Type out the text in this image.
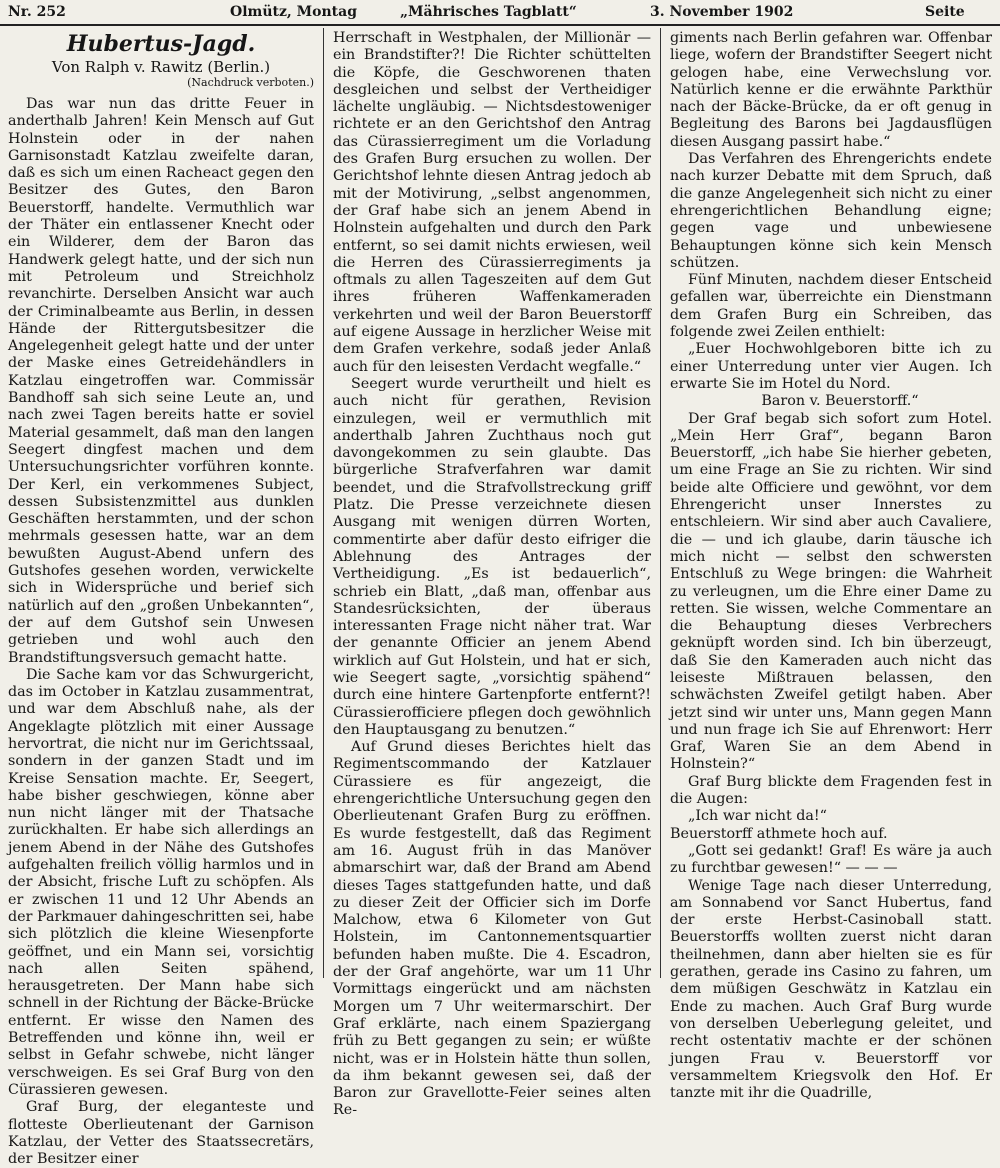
Nr. 252	Olmütz, Montag	„Mährisches Tagblatt“	3. November 1902	Seite
Hubertus-Jagd.
Von Ralph v. Rawitz (Berlin.)
(Nachdruck verboten.)

Das war nun das dritte Feuer in anderthalb Jahren! Kein Mensch auf Gut Holnstein oder in der nahen Garnisonstadt Katzlau zweifelte daran, daß es sich um einen Racheact gegen den Besitzer des Gutes, den Baron Beuerstorff, handelte. Vermuthlich war der Thäter ein entlassener Knecht oder ein Wilderer, dem der Baron das Handwerk gelegt hatte, und der sich nun mit Petroleum und Streichholz revanchirte. Derselben Ansicht war auch der Criminalbeamte aus Berlin, in dessen Hände der Rittergutsbesitzer die Angelegenheit gelegt hatte und der unter der Maske eines Getreidehändlers in Katzlau eingetroffen war. Commissär Bandhoff sah sich seine Leute an, und nach zwei Tagen bereits hatte er soviel Material gesammelt, daß man den langen Seegert dingfest machen und dem Untersuchungsrichter vorführen konnte. Der Kerl, ein verkommenes Subject, dessen Subsistenzmittel aus dunklen Geschäften herstammten, und der schon mehrmals gesessen hatte, war an dem bewußten August-Abend unfern des Gutshofes gesehen worden, verwickelte sich in Widersprüche und berief sich natürlich auf den „großen Unbekannten“, der auf dem Gutshof sein Unwesen getrieben und wohl auch den Brandstiftungsversuch gemacht hatte.

Die Sache kam vor das Schwurgericht, das im October in Katzlau zusammentrat, und war dem Abschluß nahe, als der Angeklagte plötzlich mit einer Aussage hervortrat, die nicht nur im Gerichtssaal, sondern in der ganzen Stadt und im Kreise Sensation machte. Er, Seegert, habe bisher geschwiegen, könne aber nun nicht länger mit der Thatsache zurückhalten. Er habe sich allerdings an jenem Abend in der Nähe des Gutshofes aufgehalten freilich völlig harmlos und in der Absicht, frische Luft zu schöpfen. Als er zwischen 11 und 12 Uhr Abends an der Parkmauer dahingeschritten sei, habe sich plötzlich die kleine Wiesenpforte geöffnet, und ein Mann sei, vorsichtig nach allen Seiten spähend, herausgetreten. Der Mann habe sich schnell in der Richtung der Bäcke-Brücke entfernt. Er wisse den Namen des Betreffenden und könne ihn, weil er selbst in Gefahr schwebe, nicht länger verschweigen. Es sei Graf Burg von den Cürassieren gewesen.

Graf Burg, der eleganteste und flotteste Oberlieutenant der Garnison Katzlau, der Vetter des Staatssecretärs, der Besitzer einer

Herrschaft in Westphalen, der Millionär — ein Brandstifter?! Die Richter schüttelten die Köpfe, die Geschworenen thaten desgleichen und selbst der Vertheidiger lächelte ungläubig. — Nichtsdestoweniger richtete er an den Gerichtshof den Antrag das Cürassierregiment um die Vorladung des Grafen Burg ersuchen zu wollen. Der Gerichtshof lehnte diesen Antrag jedoch ab mit der Motivirung, „selbst angenommen, der Graf habe sich an jenem Abend in Holnstein aufgehalten und durch den Park entfernt, so sei damit nichts erwiesen, weil die Herren des Cürassierregiments ja oftmals zu allen Tageszeiten auf dem Gut ihres früheren Waffenkameraden verkehrten und weil der Baron Beuerstorff auf eigene Aussage in herzlicher Weise mit dem Grafen verkehre, sodaß jeder Anlaß auch für den leisesten Verdacht wegfalle.“

Seegert wurde verurtheilt und hielt es auch nicht für gerathen, Revision einzulegen, weil er vermuthlich mit anderthalb Jahren Zuchthaus noch gut davongekommen zu sein glaubte. Das bürgerliche Strafverfahren war damit beendet, und die Strafvollstreckung griff Platz. Die Presse verzeichnete diesen Ausgang mit wenigen dürren Worten, commentirte aber dafür desto eifriger die Ablehnung des Antrages der Vertheidigung. „Es ist bedauerlich“, schrieb ein Blatt, „daß man, offenbar aus Standesrücksichten, der überaus interessanten Frage nicht näher trat. War der genannte Officier an jenem Abend wirklich auf Gut Holstein, und hat er sich, wie Seegert sagte, „vorsichtig spähend“ durch eine hintere Gartenpforte entfernt?! Cürassierofficiere pflegen doch gewöhnlich den Hauptausgang zu benutzen.“

Auf Grund dieses Berichtes hielt das Regimentscommando der Katzlauer Cürassiere es für angezeigt, die ehrengerichtliche Untersuchung gegen den Oberlieutenant Grafen Burg zu eröffnen. Es wurde festgestellt, daß das Regiment am 16. August früh in das Manöver abmarschirt war, daß der Brand am Abend dieses Tages stattgefunden hatte, und daß zu dieser Zeit der Officier sich im Dorfe Malchow, etwa 6 Kilometer von Gut Holstein, im Cantonnementsquartier befunden haben mußte. Die 4. Escadron, der der Graf angehörte, war um 11 Uhr Vormittags eingerückt und am nächsten Morgen um 7 Uhr weitermarschirt. Der Graf erklärte, nach einem Spaziergang früh zu Bett gegangen zu sein; er wüßte nicht, was er in Holstein hätte thun sollen, da ihm bekannt gewesen sei, daß der Baron zur Gravellotte-Feier seines alten Re-

giments nach Berlin gefahren war. Offenbar liege, wofern der Brandstifter Seegert nicht gelogen habe, eine Verwechslung vor. Natürlich kenne er die erwähnte Parkthür nach der Bäcke-Brücke, da er oft genug in Begleitung des Barons bei Jagdausflügen diesen Ausgang passirt habe.“

Das Verfahren des Ehrengerichts endete nach kurzer Debatte mit dem Spruch, daß die ganze Angelegenheit sich nicht zu einer ehrengerichtlichen Behandlung eigne; gegen vage und unbewiesene Behauptungen könne sich kein Mensch schützen.

Fünf Minuten, nachdem dieser Entscheid gefallen war, überreichte ein Dienstmann dem Grafen Burg ein Schreiben, das folgende zwei Zeilen enthielt:

„Euer Hochwohlgeboren bitte ich zu einer Unterredung unter vier Augen. Ich erwarte Sie im Hotel du Nord.

Baron v. Beuerstorff.“

Der Graf begab sich sofort zum Hotel. „Mein Herr Graf“, begann Baron Beuerstorff, „ich habe Sie hierher gebeten, um eine Frage an Sie zu richten. Wir sind beide alte Officiere und gewöhnt, vor dem Ehrengericht unser Innerstes zu entschleiern. Wir sind aber auch Cavaliere, die — und ich glaube, darin täusche ich mich nicht — selbst den schwersten Entschluß zu Wege bringen: die Wahrheit zu verleugnen, um die Ehre einer Dame zu retten. Sie wissen, welche Commentare an die Behauptung dieses Verbrechers geknüpft worden sind. Ich bin überzeugt, daß Sie den Kameraden auch nicht das leiseste Mißtrauen belassen, den schwächsten Zweifel getilgt haben. Aber jetzt sind wir unter uns, Mann gegen Mann und nun frage ich Sie auf Ehrenwort: Herr Graf, Waren Sie an dem Abend in Holnstein?“

Graf Burg blickte dem Fragenden fest in die Augen:

„Ich war nicht da!“

Beuerstorff athmete hoch auf.

„Gott sei gedankt! Graf! Es wäre ja auch zu furchtbar gewesen!“ — — —

Wenige Tage nach dieser Unterredung, am Sonnabend vor Sanct Hubertus, fand der erste Herbst-Casinoball statt. Beuerstorffs wollten zuerst nicht daran theilnehmen, dann aber hielten sie es für gerathen, gerade ins Casino zu fahren, um dem müßigen Geschwätz in Katzlau ein Ende zu machen. Auch Graf Burg wurde von derselben Ueberlegung geleitet, und recht ostentativ machte er der schönen jungen Frau v. Beuerstorff vor versammeltem Kriegsvolk den Hof. Er tanzte mit ihr die Quadrille,
